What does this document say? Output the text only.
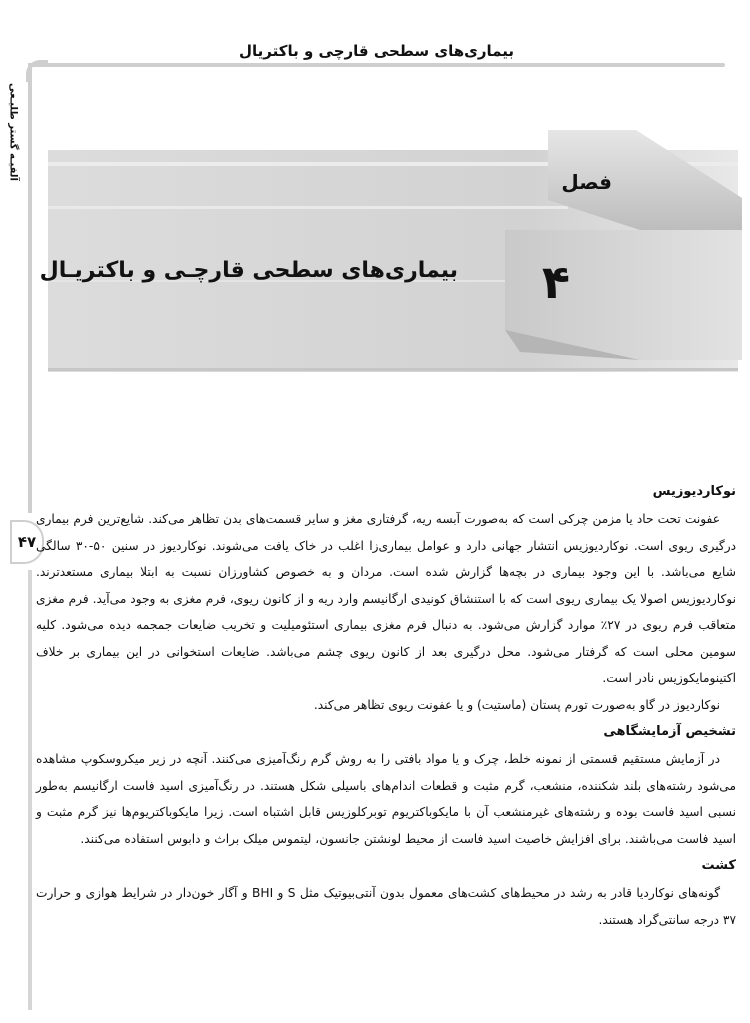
بیماری‌های سطحی قارچی و باکتریال
آلفیـه گستر طلیـعی
۴۷
فصل
۴
بیماری‌های سطحی قارچـی و باکتریـال
نوکاردیوزیس

عفونت تحت حاد یا مزمن چرکی است که به‌صورت آبسه ریه، گرفتاری مغز و سایر قسمت‌های بدن تظاهر می‌کند. شایع‌ترین فرم بیماری درگیری ریوی است. نوکاردیوزیس انتشار جهانی دارد و عوامل بیماری‌زا اغلب در خاک یافت می‌شوند. نوکاردیوز در سنین ۵۰-۳۰ سالگی شایع می‌باشد. با این وجود بیماری در بچه‌ها گزارش شده است. مردان و به خصوص کشاورزان نسبت به ابتلا بیماری مستعدترند. نوکاردیوزیس اصولا یک بیماری ریوی است که با استنشاق کونیدی ارگانیسم وارد ریه و از کانون ریوی، فرم مغزی به وجود می‌آید. فرم مغزی متعاقب فرم ریوی در ۲۷٪ موارد گزارش می‌شود. به دنبال فرم مغزی بیماری استئومیلیت و تخریب ضایعات جمجمه دیده می‌شود. کلیه سومین محلی است که گرفتار می‌شود. محل درگیری بعد از کانون ریوی چشم می‌باشد. ضایعات استخوانی در این بیماری بر خلاف اکتینومایکوزیس نادر است.

نوکاردیوز در گاو به‌صورت تورم پستان (ماستیت) و یا عفونت ریوی تظاهر می‌کند.

تشخیص آزمایشگاهی

در آزمایش مستقیم قسمتی از نمونه خلط، چرک و یا مواد بافتی را به روش گرم رنگ‌آمیزی می‌کنند. آنچه در زیر میکروسکوپ مشاهده می‌شود رشته‌های بلند شکننده، منشعب، گرم مثبت و قطعات اندام‌های باسیلی شکل هستند. در رنگ‌آمیزی اسید فاست ارگانیسم به‌طور نسبی اسید فاست بوده و رشته‌های غیرمنشعب آن با مایکوباکتریوم توبرکلوزیس قابل اشتباه است. زیرا مایکوباکتریوم‌ها نیز گرم مثبت و اسید فاست می‌باشند. برای افزایش خاصیت اسید فاست از محیط لونشتن جانسون، لیتموس میلک براث و دابوس استفاده می‌کنند.

کشت

گونه‌های نوکاردیا قادر به رشد در محیط‌های کشت‌های معمول بدون آنتی‌بیوتیک مثل S و BHI و آگار خون‌دار در شرایط هوازی و حرارت ۳۷ درجه سانتی‌گراد هستند.
